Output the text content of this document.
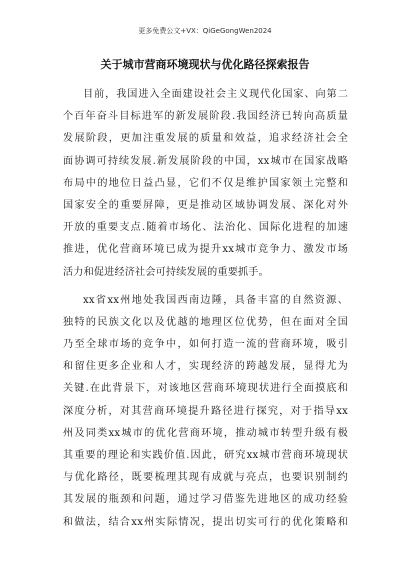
更多免费公文+VX：QiGeGongWen2024
关于城市营商环境现状与优化路径探索报告
目前，我国进入全面建设社会主义现代化国家、向第二
个百年奋斗目标进军的新发展阶段.我国经济已转向高质量
发展阶段，更加注重发展的质量和效益，追求经济社会全
面协调可持续发展.新发展阶段的中国，xx城市在国家战略
布局中的地位日益凸显，它们不仅是维护国家领土完整和
国家安全的重要屏障，更是推动区域协调发展、深化对外
开放的重要支点.随着市场化、法治化、国际化进程的加速
推进，优化营商环境已成为提升xx城市竞争力、激发市场
活力和促进经济社会可持续发展的重要抓手。
xx省xx州地处我国西南边陲，具备丰富的自然资源、
独特的民族文化以及优越的地理区位优势，但在面对全国
乃至全球市场的竞争中，如何打造一流的营商环境，吸引
和留住更多企业和人才，实现经济的跨越发展，显得尤为
关键.在此背景下，对该地区营商环境现状进行全面摸底和
深度分析，对其营商环境提升路径进行探究，对于指导xx
州及同类xx城市的优化营商环境，推动城市转型升级有极
其重要的理论和实践价值.因此，研究xx城市营商环境现状
与优化路径，既要梳理其现有成就与亮点，也要识别制约
其发展的瓶颈和问题，通过学习借鉴先进地区的成功经验
和做法，结合xx州实际情况，提出切实可行的优化策略和
